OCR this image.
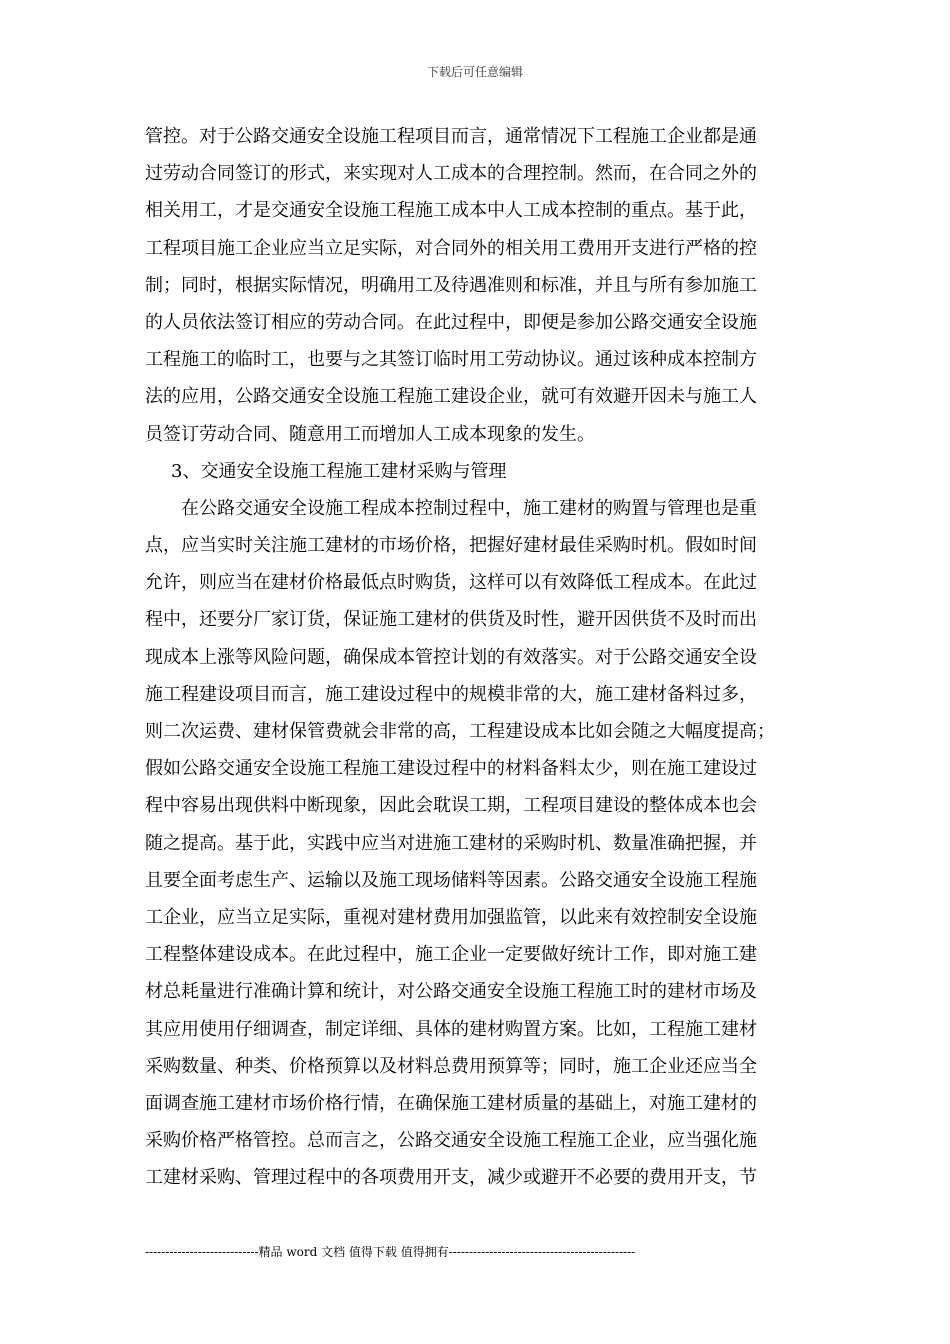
下载后可任意编辑
管控。对于公路交通安全设施工程项目而言，通常情况下工程施工企业都是通
过劳动合同签订的形式，来实现对人工成本的合理控制。然而，在合同之外的
相关用工，才是交通安全设施工程施工成本中人工成本控制的重点。基于此，
工程项目施工企业应当立足实际，对合同外的相关用工费用开支进行严格的控
制；同时，根据实际情况，明确用工及待遇准则和标准，并且与所有参加施工
的人员依法签订相应的劳动合同。在此过程中，即便是参加公路交通安全设施
工程施工的临时工，也要与之其签订临时用工劳动协议。通过该种成本控制方
法的应用，公路交通安全设施工程施工建设企业，就可有效避开因未与施工人
员签订劳动合同、随意用工而增加人工成本现象的发生。
3、交通安全设施工程施工建材采购与管理
在公路交通安全设施工程成本控制过程中，施工建材的购置与管理也是重
点，应当实时关注施工建材的市场价格，把握好建材最佳采购时机。假如时间
允许，则应当在建材价格最低点时购货，这样可以有效降低工程成本。在此过
程中，还要分厂家订货，保证施工建材的供货及时性，避开因供货不及时而出
现成本上涨等风险问题，确保成本管控计划的有效落实。对于公路交通安全设
施工程建设项目而言，施工建设过程中的规模非常的大，施工建材备料过多，
则二次运费、建材保管费就会非常的高，工程建设成本比如会随之大幅度提高；
假如公路交通安全设施工程施工建设过程中的材料备料太少，则在施工建设过
程中容易出现供料中断现象，因此会耽误工期，工程项目建设的整体成本也会
随之提高。基于此，实践中应当对进施工建材的采购时机、数量准确把握，并
且要全面考虑生产、运输以及施工现场储料等因素。公路交通安全设施工程施
工企业，应当立足实际，重视对建材费用加强监管，以此来有效控制安全设施
工程整体建设成本。在此过程中，施工企业一定要做好统计工作，即对施工建
材总耗量进行准确计算和统计，对公路交通安全设施工程施工时的建材市场及
其应用使用仔细调查，制定详细、具体的建材购置方案。比如，工程施工建材
采购数量、种类、价格预算以及材料总费用预算等；同时，施工企业还应当全
面调查施工建材市场价格行情，在确保施工建材质量的基础上，对施工建材的
采购价格严格管控。总而言之，公路交通安全设施工程施工企业，应当强化施
工建材采购、管理过程中的各项费用开支，减少或避开不必要的费用开支，节
----------------------------精品 word 文档 值得下载 值得拥有----------------------------------------------
